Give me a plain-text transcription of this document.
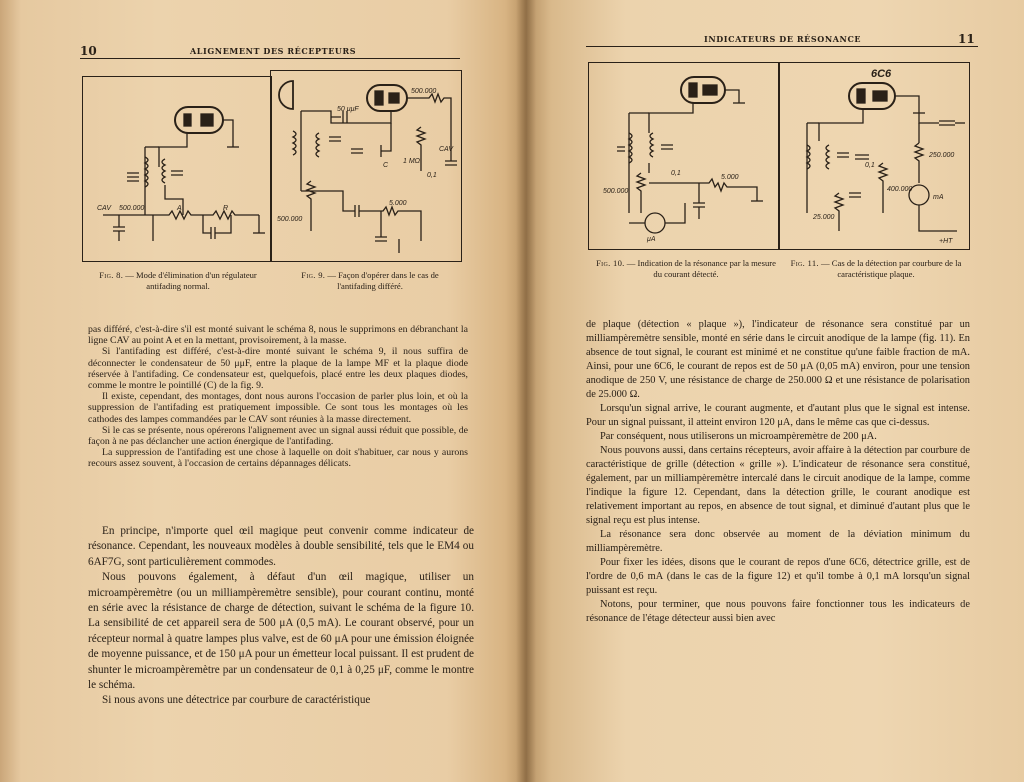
10	ALIGNEMENT DES RÉCEPTEURS
CAV 500.000	A	R
50 μμF
500.000
CAV
0,1
C
1 MΩ
500.000
5.000
Fig. 8. — Mode d'élimination d'un régulateur antifading normal.
Fig. 9. — Façon d'opérer dans le cas de l'antifading différé.

pas différé, c'est-à-dire s'il est monté suivant le schéma 8, nous le supprimons en débranchant la ligne CAV au point A et en la mettant, provisoirement, à la masse.

Si l'antifading est différé, c'est-à-dire monté suivant le schéma 9, il nous suffira de déconnecter le condensateur de 50 μμF, entre la plaque de la lampe MF et la plaque diode réservée à l'antifading. Ce condensateur est, quelquefois, placé entre les deux plaques diodes, comme le montre le pointillé (C) de la fig. 9.

Il existe, cependant, des montages, dont nous aurons l'occasion de parler plus loin, et où la suppression de l'antifading est pratiquement impossible. Ce sont tous les montages où les cathodes des lampes commandées par le CAV sont réunies à la masse directement.

Si le cas se présente, nous opérerons l'alignement avec un signal aussi réduit que possible, de façon à ne pas déclancher une action énergique de l'antifading.

La suppression de l'antifading est une chose à laquelle on doit s'habituer, car nous y aurons recours assez souvent, à l'occasion de certains dépannages délicats.

En principe, n'importe quel œil magique peut convenir comme indicateur de résonance. Cependant, les nouveaux modèles à double sensibilité, tels que le EM4 ou 6AF7G, sont particulièrement commodes.

Nous pouvons également, à défaut d'un œil magique, utiliser un microampèremètre (ou un milliampèremètre sensible), pour courant continu, monté en série avec la résistance de charge de détection, suivant le schéma de la figure 10. La sensibilité de cet appareil sera de 500 μA (0,5 mA). Le courant observé, pour un récepteur normal à quatre lampes plus valve, est de 60 μA pour une émission éloignée de moyenne puissance, et de 150 μA pour un émetteur local puissant. Il est prudent de shunter le microampèremètre par un condensateur de 0,1 à 0,25 μF, comme le montre le schéma.

Si nous avons une détectrice par courbure de caractéristique

INDICATEURS DE RÉSONANCE	11
5.000
500.000
0,1
μA
6C6
0,1
250.000
25.000
400.000
mA
+HT
Fig. 10. — Indication de la résonance par la mesure du courant détecté.
Fig. 11. — Cas de la détection par courbure de la caractéristique plaque.

de plaque (détection « plaque »), l'indicateur de résonance sera constitué par un milliampèremètre sensible, monté en série dans le circuit anodique de la lampe (fig. 11). En absence de tout signal, le courant est minimé et ne constitue qu'une faible fraction de mA. Ainsi, pour une 6C6, le courant de repos est de 50 μA (0,05 mA) environ, pour une tension anodique de 250 V, une résistance de charge de 250.000 Ω et une résistance de polarisation de 25.000 Ω.

Lorsqu'un signal arrive, le courant augmente, et d'autant plus que le signal est intense. Pour un signal puissant, il atteint environ 120 μA, dans le même cas que ci-dessus.

Par conséquent, nous utiliserons un microampèremètre de 200 μA.

Nous pouvons aussi, dans certains récepteurs, avoir affaire à la détection par courbure de caractéristique de grille (détection « grille »). L'indicateur de résonance sera constitué, également, par un milliampèremètre intercalé dans le circuit anodique de la lampe, comme l'indique la figure 12. Cependant, dans la détection grille, le courant anodique est relativement important au repos, en absence de tout signal, et diminué d'autant plus que le signal reçu est plus intense.

La résonance sera donc observée au moment de la déviation minimum du milliampèremètre.

Pour fixer les idées, disons que le courant de repos d'une 6C6, détectrice grille, est de l'ordre de 0,6 mA (dans le cas de la figure 12) et qu'il tombe à 0,1 mA lorsqu'un signal puissant est reçu.

Notons, pour terminer, que nous pouvons faire fonctionner tous les indicateurs de résonance de l'étage détecteur aussi bien avec
